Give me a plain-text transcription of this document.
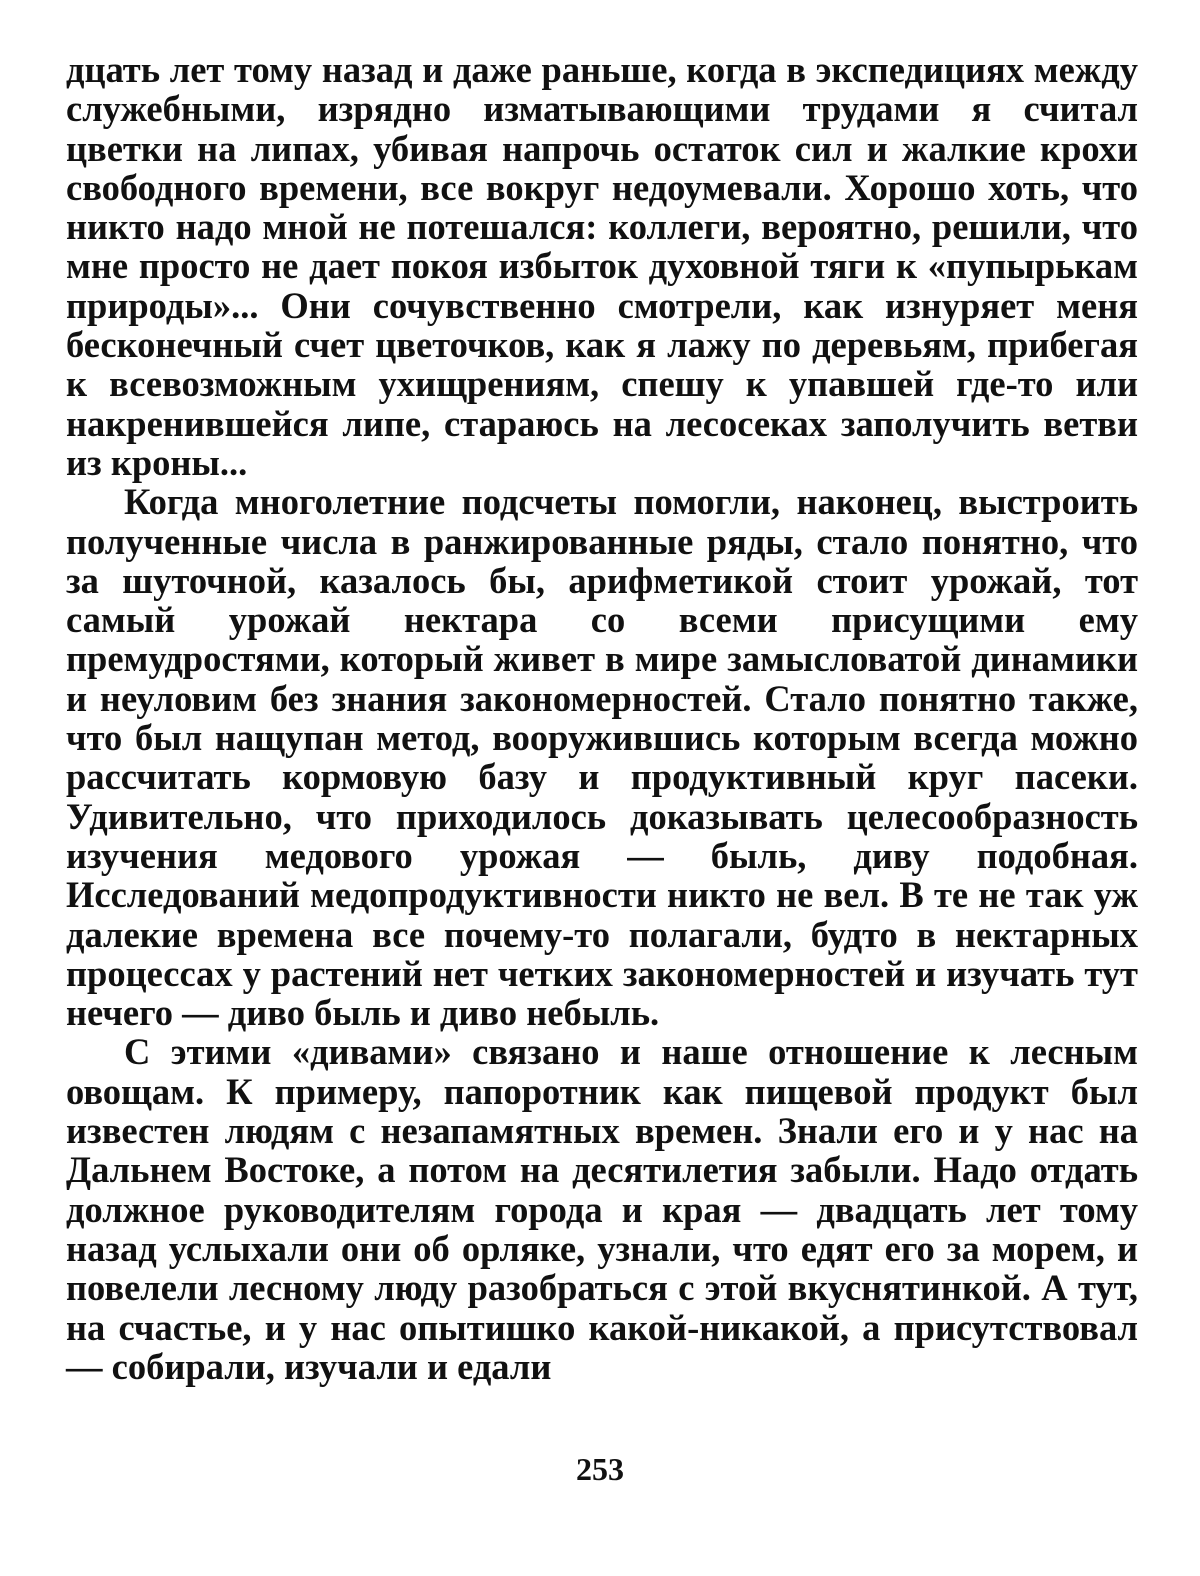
дцать лет тому назад и даже раньше, когда в экспедициях между служебными, изрядно изматывающими трудами я считал цветки на липах, убивая напрочь остаток сил и жалкие крохи свободного времени, все вокруг недоумевали. Хорошо хоть, что никто надо мной не потешался: коллеги, вероятно, решили, что мне просто не дает покоя избыток духовной тяги к «пупырькам природы»... Они сочувственно смотрели, как изнуряет меня бесконечный счет цветочков, как я лажу по деревьям, прибегая к всевозможным ухищрениям, спешу к упавшей где-то или накренившейся липе, стараюсь на лесосеках заполучить ветви из кроны...

Когда многолетние подсчеты помогли, наконец, выстроить полученные числа в ранжированные ряды, стало понятно, что за шуточной, казалось бы, арифметикой стоит урожай, тот самый урожай нектара со всеми присущими ему премудростями, который живет в мире замысловатой динамики и неуловим без знания закономерностей. Стало понятно также, что был нащупан метод, вооружившись которым всегда можно рассчитать кормовую базу и продуктивный круг пасеки. Удивительно, что приходилось доказывать целесообразность изучения медового урожая — быль, диву подобная. Исследований медопродуктивности никто не вел. В те не так уж далекие времена все почему-то полагали, будто в нектарных процессах у растений нет четких закономерностей и изучать тут нечего — диво быль и диво небыль.

С этими «дивами» связано и наше отношение к лесным овощам. К примеру, папоротник как пищевой продукт был известен людям с незапамятных времен. Знали его и у нас на Дальнем Востоке, а потом на десятилетия забыли. Надо отдать должное руководителям города и края — двадцать лет тому назад услыхали они об орляке, узнали, что едят его за морем, и повелели лесному люду разобраться с этой вкуснятинкой. А тут, на счастье, и у нас опытишко какой-никакой, а присутствовал — собирали, изучали и едали

253
